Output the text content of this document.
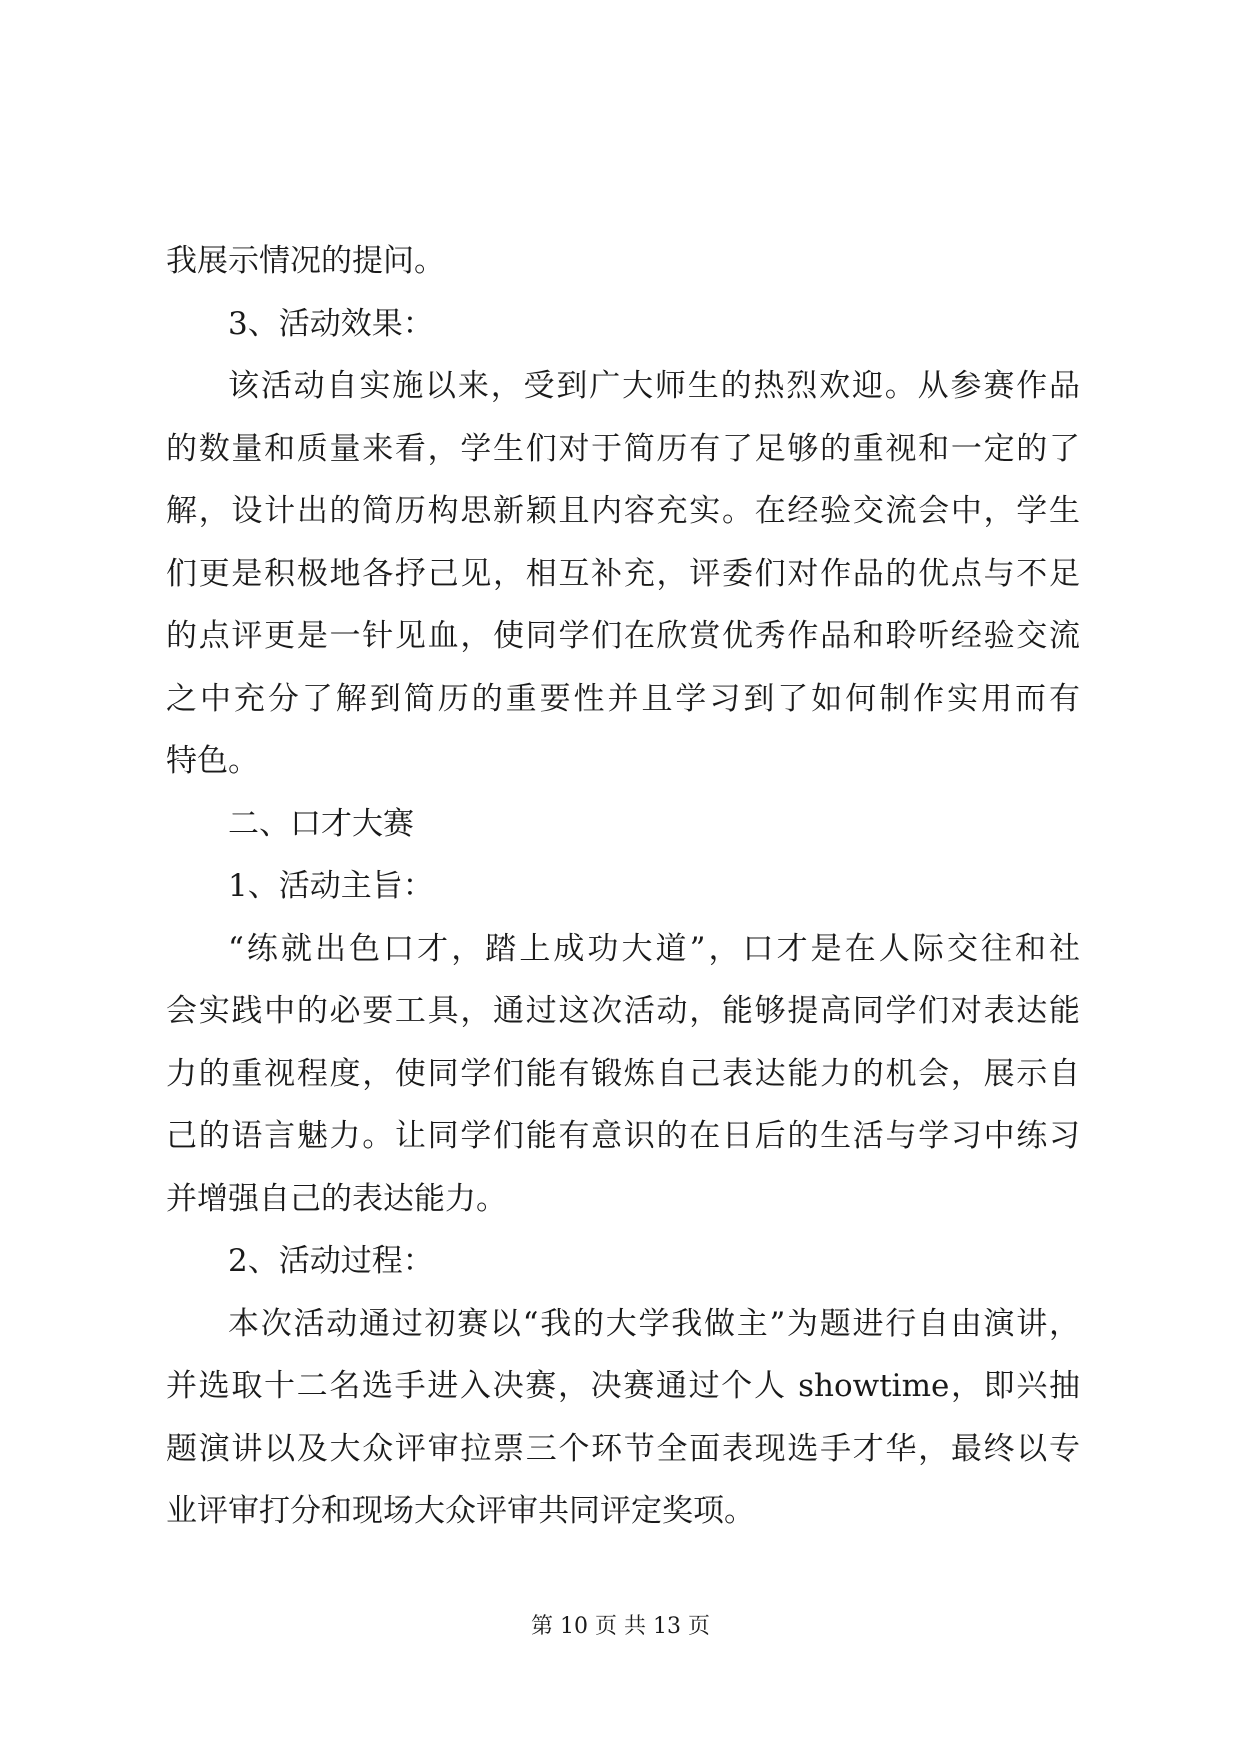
我展示情况的提问。
3、活动效果：
该活动自实施以来，受到广大师生的热烈欢迎。从参赛作品
的数量和质量来看，学生们对于简历有了足够的重视和一定的了
解，设计出的简历构思新颖且内容充实。在经验交流会中，学生
们更是积极地各抒己见，相互补充，评委们对作品的优点与不足
的点评更是一针见血，使同学们在欣赏优秀作品和聆听经验交流
之中充分了解到简历的重要性并且学习到了如何制作实用而有
特色。
二、口才大赛
1、活动主旨：
“练就出色口才，踏上成功大道”，口才是在人际交往和社
会实践中的必要工具，通过这次活动，能够提高同学们对表达能
力的重视程度，使同学们能有锻炼自己表达能力的机会，展示自
己的语言魅力。让同学们能有意识的在日后的生活与学习中练习
并增强自己的表达能力。
2、活动过程：
本次活动通过初赛以“我的大学我做主”为题进行自由演讲，
并选取十二名选手进入决赛，决赛通过个人 showtime，即兴抽
题演讲以及大众评审拉票三个环节全面表现选手才华，最终以专
业评审打分和现场大众评审共同评定奖项。
第 10 页 共 13 页
